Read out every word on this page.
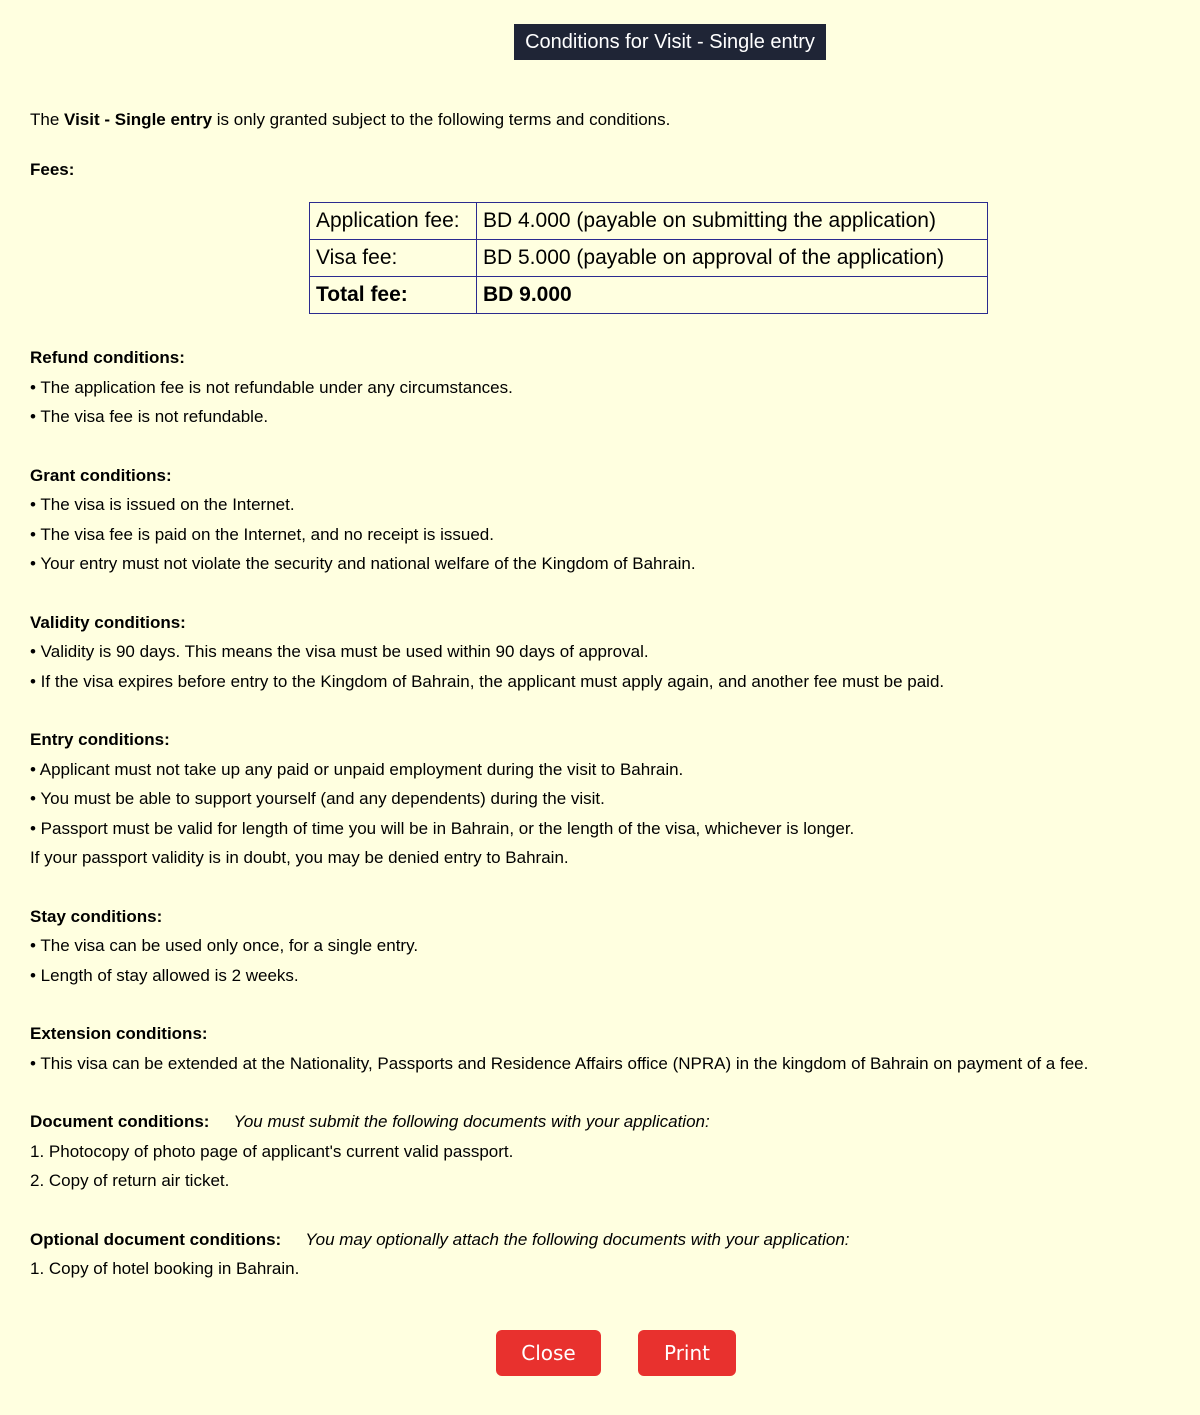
Conditions for Visit - Single entry
The Visit - Single entry is only granted subject to the following terms and conditions.
Fees:
Application fee:	BD 4.000 (payable on submitting the application)
Visa fee:	BD 5.000 (payable on approval of the application)
Total fee:	BD 9.000
Refund conditions:
• The application fee is not refundable under any circumstances.
• The visa fee is not refundable.
Grant conditions:
• The visa is issued on the Internet.
• The visa fee is paid on the Internet, and no receipt is issued.
• Your entry must not violate the security and national welfare of the Kingdom of Bahrain.
Validity conditions:
• Validity is 90 days. This means the visa must be used within 90 days of approval.
• If the visa expires before entry to the Kingdom of Bahrain, the applicant must apply again, and another fee must be paid.
Entry conditions:
• Applicant must not take up any paid or unpaid employment during the visit to Bahrain.
• You must be able to support yourself (and any dependents) during the visit.
• Passport must be valid for length of time you will be in Bahrain, or the length of the visa, whichever is longer.
If your passport validity is in doubt, you may be denied entry to Bahrain.
Stay conditions:
• The visa can be used only once, for a single entry.
• Length of stay allowed is 2 weeks.
Extension conditions:
• This visa can be extended at the Nationality, Passports and Residence Affairs office (NPRA) in the kingdom of Bahrain on payment of a fee.
Document conditions: You must submit the following documents with your application:
1. Photocopy of photo page of applicant's current valid passport.
2. Copy of return air ticket.
Optional document conditions: You may optionally attach the following documents with your application:
1. Copy of hotel booking in Bahrain.
Close	Print
